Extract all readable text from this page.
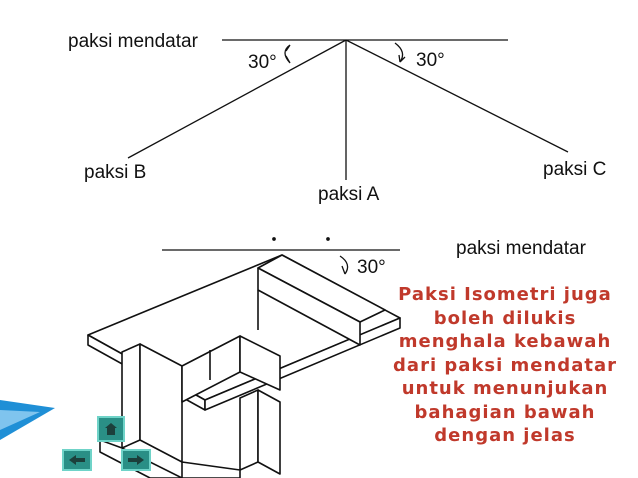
paksi mendatar
30°	30°
paksi B
paksi A
paksi C
paksi mendatar
30°
Paksi Isometri juga boleh dilukis menghala kebawah dari paksi mendatar untuk menunjukan bahagian bawah dengan jelas
